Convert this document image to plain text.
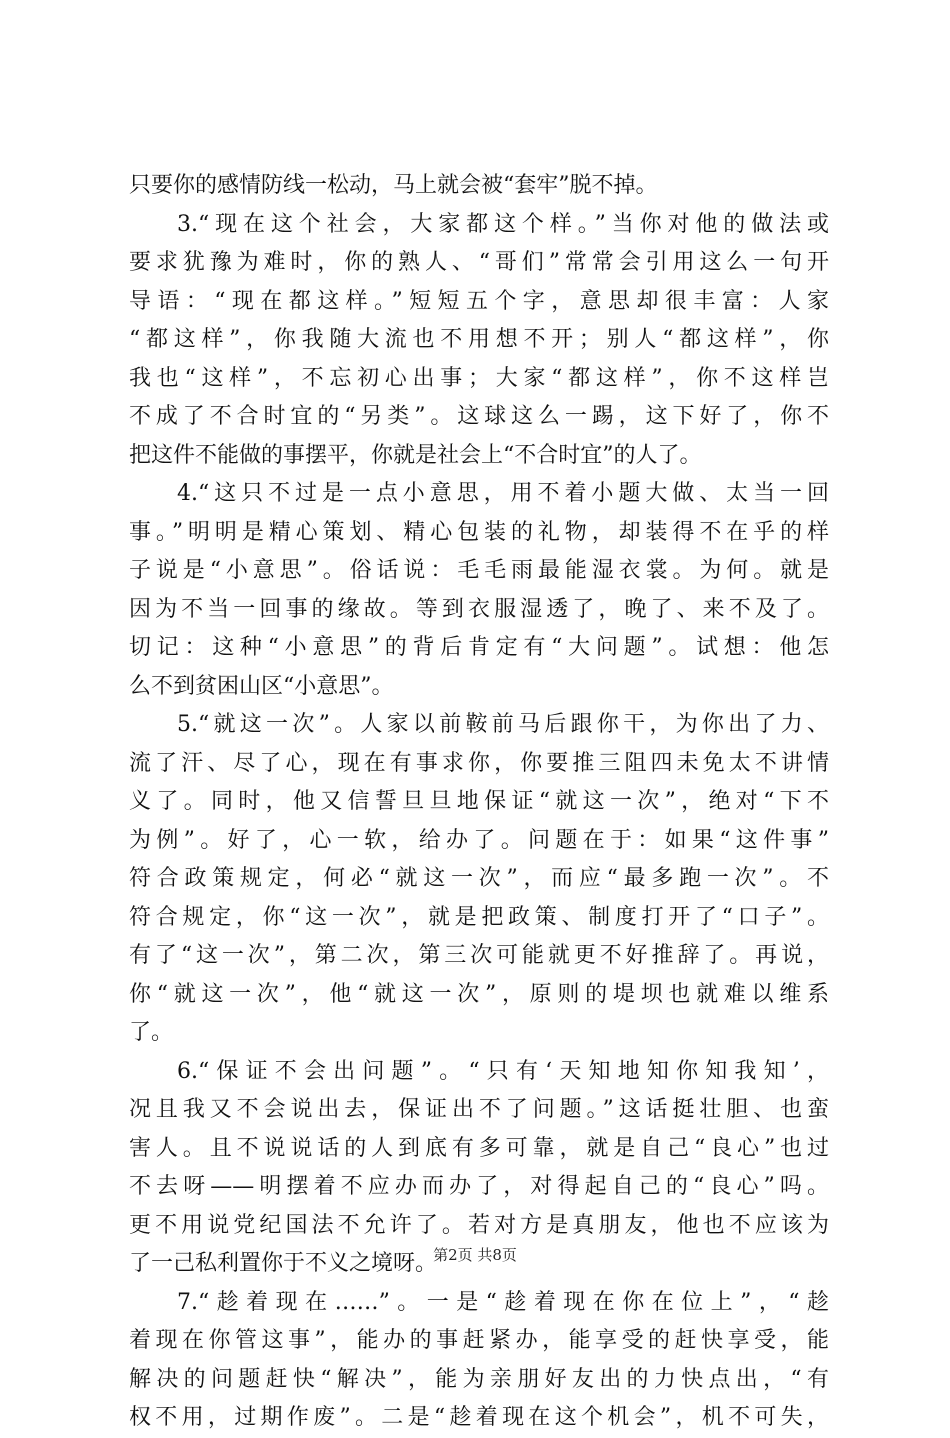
只要你的感情防线一松动，马上就会被“套牢”脱不掉。
3.“现在这个社会，大家都这个样。”当你对他的做法或
要求犹豫为难时，你的熟人、“哥们”常常会引用这么一句开
导语：“现在都这样。”短短五个字，意思却很丰富：人家
“都这样”，你我随大流也不用想不开；别人“都这样”，你
我也“这样”，不忘初心出事；大家“都这样”，你不这样岂
不成了不合时宜的“另类”。这球这么一踢，这下好了，你不
把这件不能做的事摆平，你就是社会上“不合时宜”的人了。
4.“这只不过是一点小意思，用不着小题大做、太当一回
事。”明明是精心策划、精心包装的礼物，却装得不在乎的样
子说是“小意思”。俗话说：毛毛雨最能湿衣裳。为何。就是
因为不当一回事的缘故。等到衣服湿透了，晚了、来不及了。
切记：这种“小意思”的背后肯定有“大问题”。试想：他怎
么不到贫困山区“小意思”。
5.“就这一次”。人家以前鞍前马后跟你干，为你出了力、
流了汗、尽了心，现在有事求你，你要推三阻四未免太不讲情
义了。同时，他又信誓旦旦地保证“就这一次”，绝对“下不
为例”。好了，心一软，给办了。问题在于：如果“这件事”
符合政策规定，何必“就这一次”，而应“最多跑一次”。不
符合规定，你“这一次”，就是把政策、制度打开了“口子”。
有了“这一次”，第二次，第三次可能就更不好推辞了。再说，
你“就这一次”，他“就这一次”，原则的堤坝也就难以维系
了。
6.“保证不会出问题”。“只有‘天知地知你知我知’，
况且我又不会说出去，保证出不了问题。”这话挺壮胆、也蛮
害人。且不说说话的人到底有多可靠，就是自己“良心”也过
不去呀——明摆着不应办而办了，对得起自己的“良心”吗。
更不用说党纪国法不允许了。若对方是真朋友，他也不应该为
了一己私利置你于不义之境呀。
7.“趁着现在……”。一是“趁着现在你在位上”，“趁
着现在你管这事”，能办的事赶紧办，能享受的赶快享受，能
解决的问题赶快“解决”，能为亲朋好友出的力快点出，“有
权不用，过期作废”。二是“趁着现在这个机会”，机不可失，
第2页 共8页
